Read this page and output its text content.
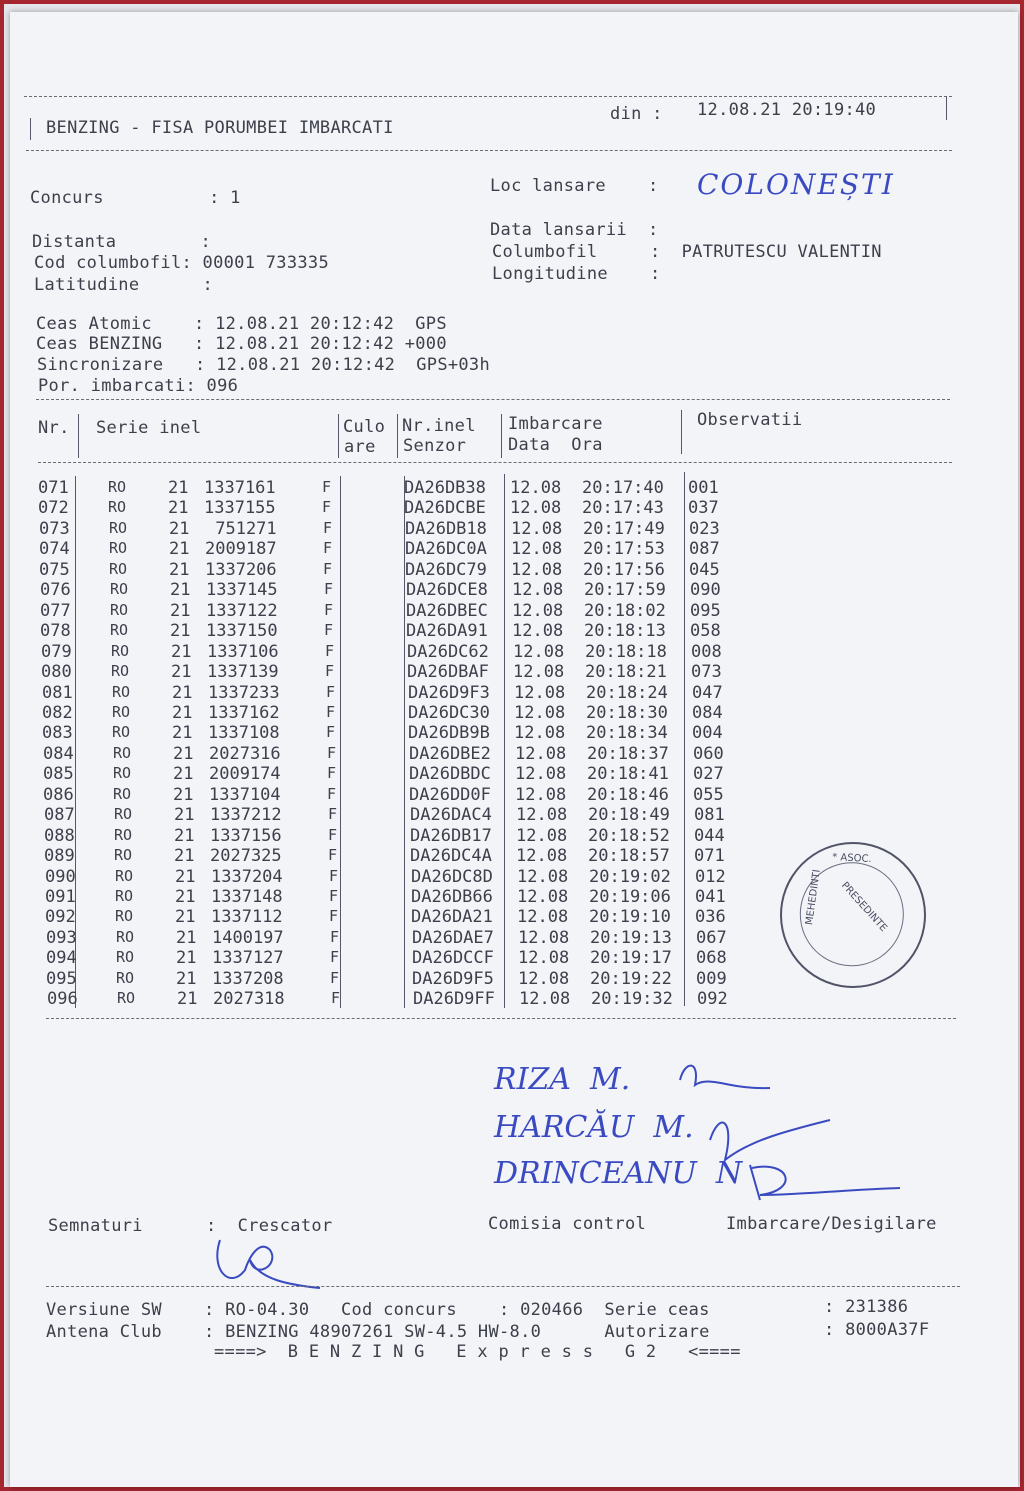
BENZING - FISA PORUMBEI IMBARCATI
din : 12.08.21 20:19:40
Concurs          : 1
Loc lansare    : COLONEȘTI
Data lansarii  :
Distanta        :	Columbofil     :  PATRUTESCU VALENTIN
Cod columbofil: 00001 733335
Longitudine    :
Latitudine      :
Ceas Atomic    : 12.08.21 20:12:42  GPS
Ceas BENZING   : 12.08.21 20:12:42 +000
Sincronizare   : 12.08.21 20:12:42  GPS+03h
Por. imbarcati: 096
Nr. Serie inel	Culo
are
Nr.inel
Senzor
Imbarcare
Data  Ora
Observatii
071	RO 21 1337161	F	DA26DB38 12.08 20:17:40 001
072	RO 21 1337155	F	DA26DCBE 12.08 20:17:43 037
073	RO 21 751271	F	DA26DB18 12.08 20:17:49 023
074	RO 21 2009187	F	DA26DC0A 12.08 20:17:53 087
075	RO 21 1337206	F	DA26DC79 12.08 20:17:56 045
076	RO 21 1337145	F	DA26DCE8 12.08 20:17:59 090
077	RO 21 1337122	F	DA26DBEC 12.08 20:18:02 095
078	RO 21 1337150	F	DA26DA91 12.08 20:18:13 058
079	RO 21 1337106	F	DA26DC62 12.08 20:18:18 008
080	RO 21 1337139	F	DA26DBAF 12.08 20:18:21 073
081	RO 21 1337233	F	DA26D9F3 12.08 20:18:24 047
082	RO 21 1337162	F	DA26DC30 12.08 20:18:30 084
083	RO 21 1337108	F	DA26DB9B 12.08 20:18:34 004
084	RO 21 2027316	F	DA26DBE2 12.08 20:18:37 060
085	RO 21 2009174	F	DA26DBDC 12.08 20:18:41 027
086	RO 21 1337104	F	DA26DD0F 12.08 20:18:46 055
087	RO 21 1337212	F	DA26DAC4 12.08 20:18:49 081
088	RO 21 1337156	F	DA26DB17 12.08 20:18:52 044
089	RO 21 2027325	F	DA26DC4A 12.08 20:18:57 071
090	RO 21 1337204	F	DA26DC8D 12.08 20:19:02 012
091	RO 21 1337148	F	DA26DB66 12.08 20:19:06 041
092	RO 21 1337112	F	DA26DA21 12.08 20:19:10 036
093	RO 21 1400197	F	DA26DAE7 12.08 20:19:13 067
094	RO 21 1337127	F	DA26DCCF 12.08 20:19:17 068
095	RO 21 1337208	F	DA26D9F5 12.08 20:19:22 009
096	RO 21 2027318	F	DA26D9FF 12.08 20:19:32 092
MEHEDINTI PRESEDINTE
* ASOC.
RIZA  M.
HARCĂU  M.
DRINCEANU  N
Semnaturi      :  Crescator	Comisia control	Imbarcare/Desigilare
Versiune SW    : RO-04.30   Cod concurs    : 020466  Serie ceas	: 231386
Antena Club    : BENZING 48907261 SW-4.5 HW-8.0      Autorizare	: 8000A37F
====>  B E N Z I N G   E x p r e s s   G 2   <====
